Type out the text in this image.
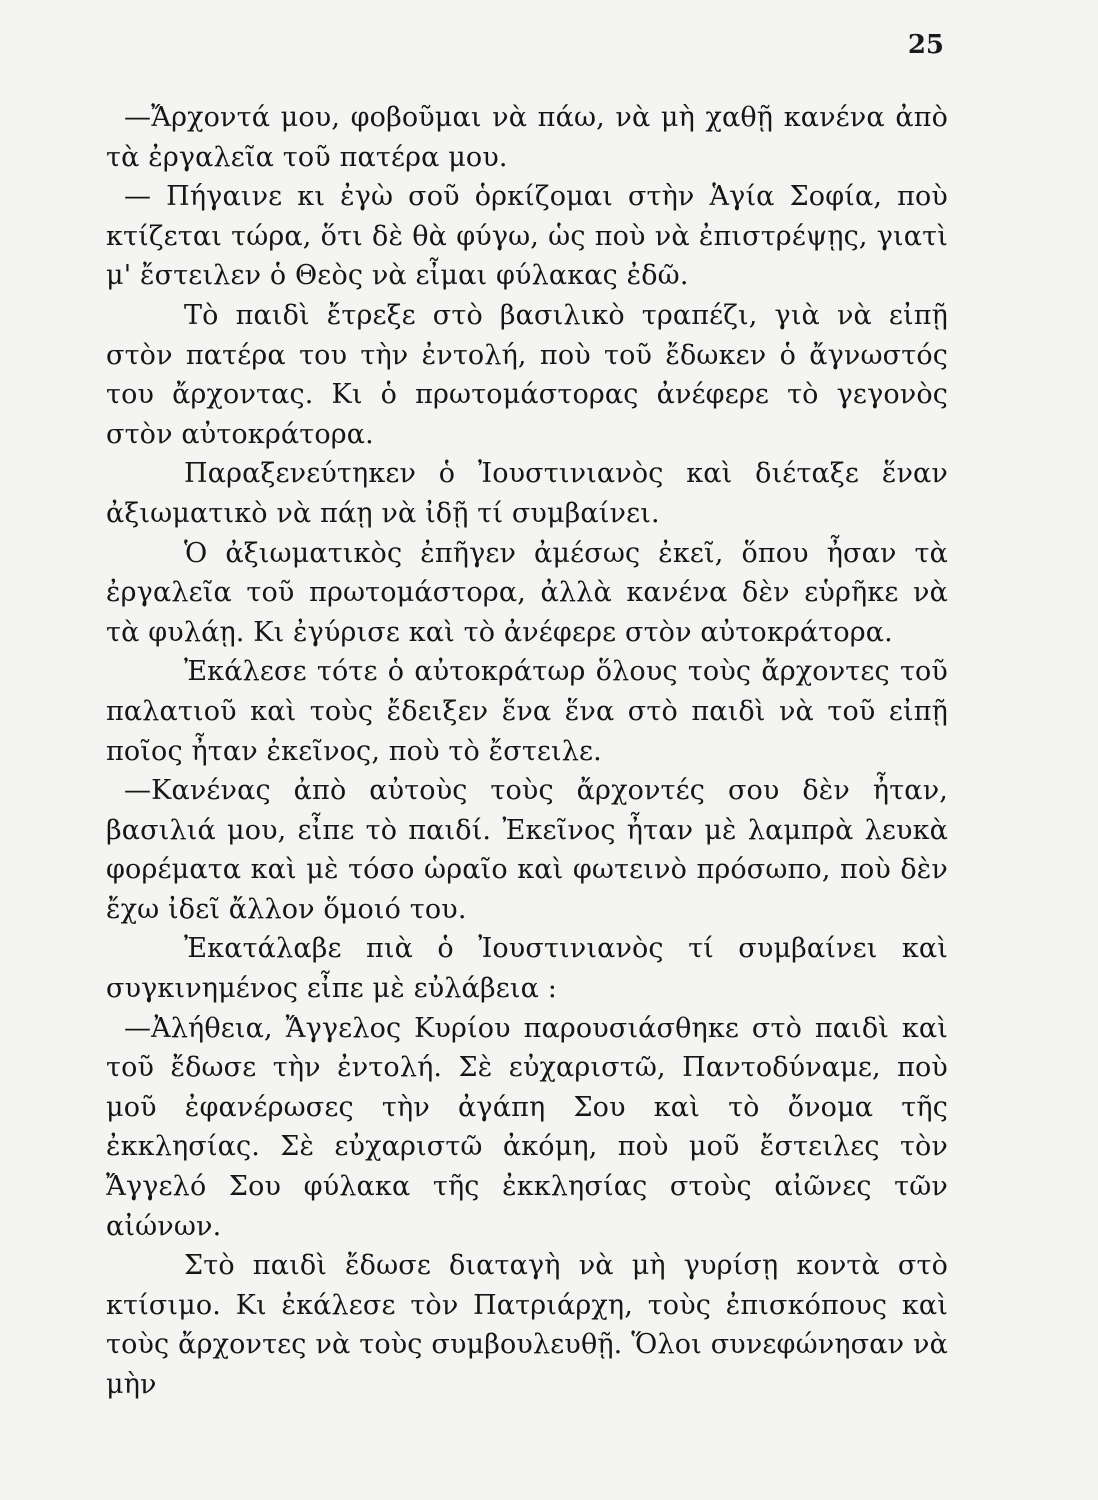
25

—Ἄρχοντά μου, φοβοῦμαι νὰ πάω, νὰ μὴ χαθῇ κανένα ἀπὸ τὰ ἐργαλεῖα τοῦ πατέρα μου.

— Πήγαινε κι ἐγὼ σοῦ ὁρκίζομαι στὴν Ἁγία Σοφία, ποὺ κτίζεται τώρα, ὅτι δὲ θὰ φύγω, ὡς ποὺ νὰ ἐπιστρέψῃς, γιατὶ μ' ἔστειλεν ὁ Θεὸς νὰ εἶμαι φύλακας ἐδῶ.

Τὸ παιδὶ ἔτρεξε στὸ βασιλικὸ τραπέζι, γιὰ νὰ εἰπῇ στὸν πατέρα του τὴν ἐντολή, ποὺ τοῦ ἔδωκεν ὁ ἄγνωστός του ἄρχοντας. Κι ὁ πρωτομάστορας ἀνέφερε τὸ γεγονὸς στὸν αὐτοκράτορα.

Παραξενεύτηκεν ὁ Ἰουστινιανὸς καὶ διέταξε ἕναν ἀξιωματικὸ νὰ πάῃ νὰ ἰδῇ τί συμβαίνει.

Ὁ ἀξιωματικὸς ἐπῆγεν ἀμέσως ἐκεῖ, ὅπου ἦσαν τὰ ἐργαλεῖα τοῦ πρωτομάστορα, ἀλλὰ κανένα δὲν εὑρῆκε νὰ τὰ φυλάῃ. Κι ἐγύρισε καὶ τὸ ἀνέφερε στὸν αὐτοκράτορα.

Ἐκάλεσε τότε ὁ αὐτοκράτωρ ὅλους τοὺς ἄρχοντες τοῦ παλατιοῦ καὶ τοὺς ἔδειξεν ἕνα ἕνα στὸ παιδὶ νὰ τοῦ εἰπῇ ποῖος ἦταν ἐκεῖνος, ποὺ τὸ ἔστειλε.

—Κανένας ἀπὸ αὐτοὺς τοὺς ἄρχοντές σου δὲν ἦταν, βασιλιά μου, εἶπε τὸ παιδί. Ἐκεῖνος ἦταν μὲ λαμπρὰ λευκὰ φορέματα καὶ μὲ τόσο ὡραῖο καὶ φωτεινὸ πρόσωπο, ποὺ δὲν ἔχω ἰδεῖ ἄλλον ὅμοιό του.

Ἐκατάλαβε πιὰ ὁ Ἰουστινιανὸς τί συμβαίνει καὶ συγκινημένος εἶπε μὲ εὐλάβεια :

—Ἀλήθεια, Ἄγγελος Κυρίου παρουσιάσθηκε στὸ παιδὶ καὶ τοῦ ἔδωσε τὴν ἐντολή. Σὲ εὐχαριστῶ, Παντοδύναμε, ποὺ μοῦ ἐφανέρωσες τὴν ἀγάπη Σου καὶ τὸ ὄνομα τῆς ἐκκλησίας. Σὲ εὐχαριστῶ ἀκόμη, ποὺ μοῦ ἔστειλες τὸν Ἄγγελό Σου φύλακα τῆς ἐκκλησίας στοὺς αἰῶνες τῶν αἰώνων.

Στὸ παιδὶ ἔδωσε διαταγὴ νὰ μὴ γυρίσῃ κοντὰ στὸ κτίσιμο. Κι ἐκάλεσε τὸν Πατριάρχη, τοὺς ἐπισκόπους καὶ τοὺς ἄρχοντες νὰ τοὺς συμβουλευθῇ. Ὅλοι συνεφώνησαν νὰ μὴν
